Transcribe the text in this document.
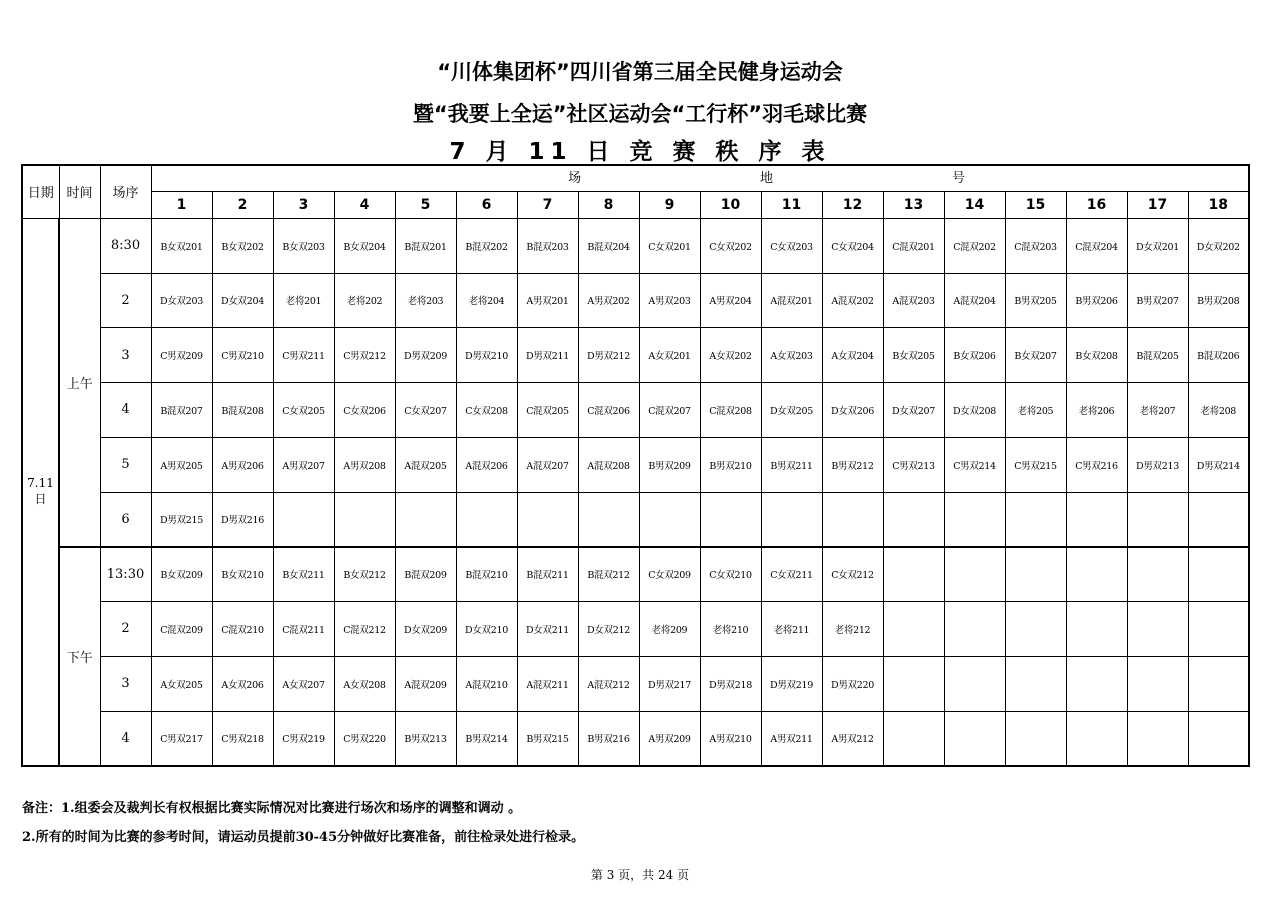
“川体集团杯”四川省第三届全民健身运动会
暨“我要上全运”社区运动会“工行杯”羽毛球比赛
7 月 11 日 竞 赛 秩 序 表
日期	时间	场序	场 地 号																	

			1	2	3	4	5	6	7	8	9	10	11	12	13	14	15	16	17	18
7.11 日	上午	8:30	B女双201	B女双202	B女双203	B女双204	B混双201	B混双202	B混双203	B混双204	C女双201	C女双202	C女双203	C女双204	C混双201	C混双202	C混双203	C混双204	D女双201	D女双202
		2	D女双203	D女双204	老将201	老将202	老将203	老将204	A男双201	A男双202	A男双203	A男双204	A混双201	A混双202	A混双203	A混双204	B男双205	B男双206	B男双207	B男双208
		3	C男双209	C男双210	C男双211	C男双212	D男双209	D男双210	D男双211	D男双212	A女双201	A女双202	A女双203	A女双204	B女双205	B女双206	B女双207	B女双208	B混双205	B混双206
		4	B混双207	B混双208	C女双205	C女双206	C女双207	C女双208	C混双205	C混双206	C混双207	C混双208	D女双205	D女双206	D女双207	D女双208	老将205	老将206	老将207	老将208
		5	A男双205	A男双206	A男双207	A男双208	A混双205	A混双206	A混双207	A混双208	B男双209	B男双210	B男双211	B男双212	C男双213	C男双214	C男双215	C男双216	D男双213	D男双214
		6	D男双215	D男双216																
	下午	13:30	B女双209	B女双210	B女双211	B女双212	B混双209	B混双210	B混双211	B混双212	C女双209	C女双210	C女双211	C女双212						
		2	C混双209	C混双210	C混双211	C混双212	D女双209	D女双210	D女双211	D女双212	老将209	老将210	老将211	老将212						
		3	A女双205	A女双206	A女双207	A女双208	A混双209	A混双210	A混双211	A混双212	D男双217	D男双218	D男双219	D男双220						
		4	C男双217	C男双218	C男双219	C男双220	B男双213	B男双214	B男双215	B男双216	A男双209	A男双210	A男双211	A男双212						
备注：1.组委会及裁判长有权根据比赛实际情况对比赛进行场次和场序的调整和调动 。
2.所有的时间为比赛的参考时间，请运动员提前30-45分钟做好比赛准备，前往检录处进行检录。
第 3 页，共 24 页
